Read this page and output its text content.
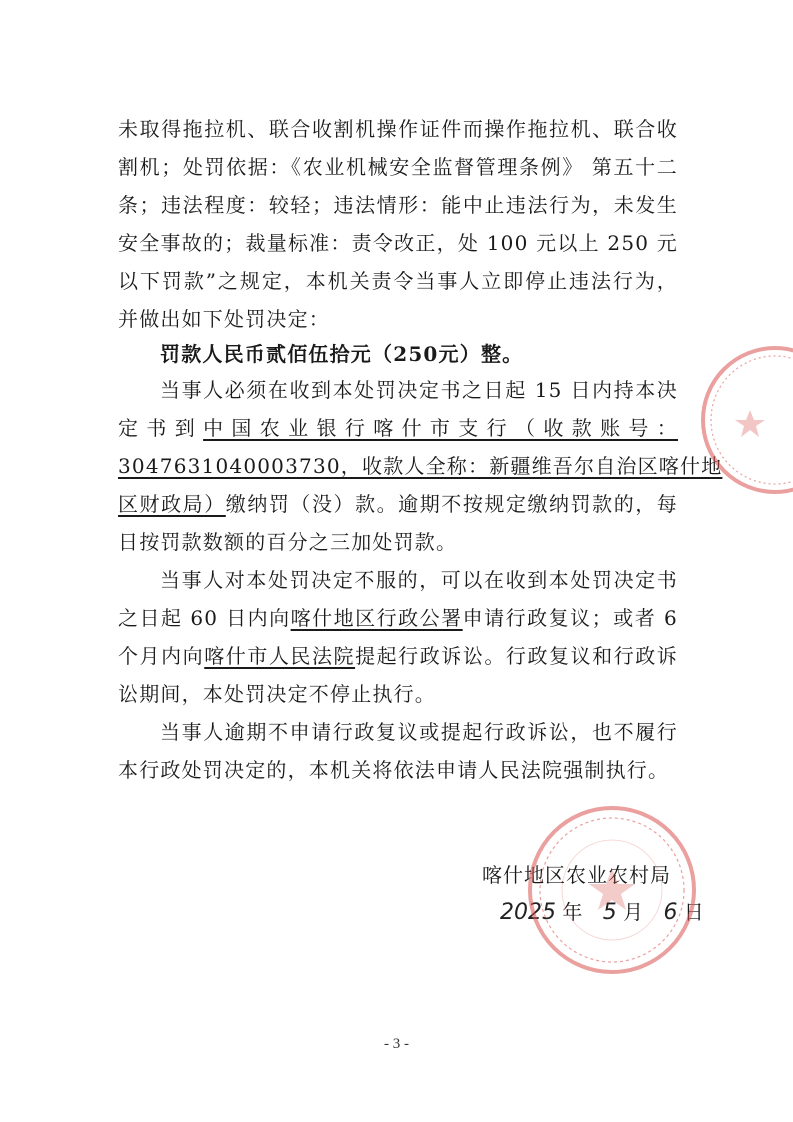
未取得拖拉机、联合收割机操作证件而操作拖拉机、联合收
割机；处罚依据：《农业机械安全监督管理条例》 第五十二
条；违法程度：较轻；违法情形：能中止违法行为，未发生
安全事故的；裁量标准：责令改正，处 100 元以上 250 元
以下罚款”之规定，本机关责令当事人立即停止违法行为，
并做出如下处罚决定：
罚款人民币贰佰伍拾元（250元）整。
当事人必须在收到本处罚决定书之日起 15 日内持本决
定书到中国农业银行喀什市支行（收款账号：
3047631040003730，收款人全称：新疆维吾尔自治区喀什地
区财政局）缴纳罚（没）款。逾期不按规定缴纳罚款的，每
日按罚款数额的百分之三加处罚款。
当事人对本处罚决定不服的，可以在收到本处罚决定书
之日起 60 日内向喀什地区行政公署申请行政复议；或者 6
个月内向喀什市人民法院提起行政诉讼。行政复议和行政诉
讼期间，本处罚决定不停止执行。
当事人逾期不申请行政复议或提起行政诉讼，也不履行
本行政处罚决定的，本机关将依法申请人民法院强制执行。
喀什地区农业农村局
2025 年 5 月 6 日
- 3 -
